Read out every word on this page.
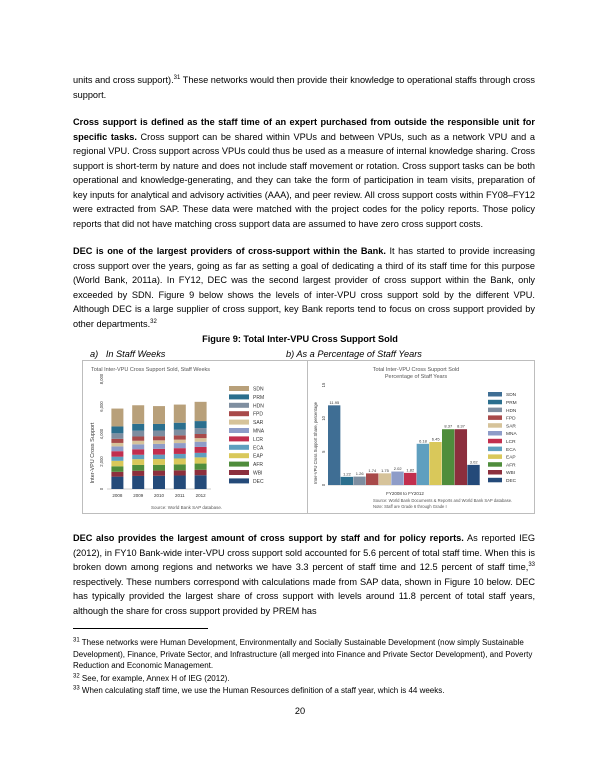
units and cross support).$^{31}$ These networks would then provide their knowledge to operational staffs through cross support.
Cross support is defined as the staff time of an expert purchased from outside the responsible unit for specific tasks. Cross support can be shared within VPUs and between VPUs, such as a network VPU and a regional VPU. Cross support across VPUs could thus be used as a measure of internal knowledge sharing. Cross support is short-term by nature and does not include staff movement or rotation. Cross support tasks can be both operational and knowledge-generating, and they can take the form of participation in team visits, preparation of key inputs for analytical and advisory activities (AAA), and peer review. All cross support costs within FY08–FY12 were extracted from SAP. These data were matched with the project codes for the policy reports. Those policy reports that did not have matching cross support data are assumed to have zero cross support costs.
DEC is one of the largest providers of cross-support within the Bank. It has started to provide increasing cross support over the years, going as far as setting a goal of dedicating a third of its staff time for this purpose (World Bank, 2011a). In FY12, DEC was the second largest provider of cross support within the Bank, only exceeded by SDN. Figure 9 below shows the levels of inter-VPU cross support sold by the different VPU. Although DEC is a large supplier of cross support, key Bank reports tend to focus on cross support provided by other departments.$^{32}$
Figure 9: Total Inter-VPU Cross Support Sold
a)   In Staff Weeks	b) As a Percentage of Staff Years
Total Inter-VPU Cross Support Sold, Staff Weeks
Inter-VPU Cross Support
Source: World Bank SAP database.
0
2,000
4,000
6,000
8,000
2008 2009 2010 2011 2012
SDN
PRM
HDN
FPD
SAR
MNA
LCR
ECA
EAP
AFR
WBI
DEC
Total Inter-VPU Cross Support Sold
Percentage of Staff Years
Inter-VPU Cross Support Share, percentage
FY2008 to FY2012
Source: World Bank Documents & Reports and World Bank SAP database.
Note: Staff are Grade 6 through Grade I
0
5
10
15
11.95
1.22 1.26
1.74 1.75 2.02 1.82
6.18 6.45
8.37 8.37
3.02
SDN
PRM
HDN
FPD
SAR
MNA
LCR
ECA
EAP
AFR
WBI
DEC
DEC also provides the largest amount of cross support by staff and for policy reports. As reported IEG (2012), in FY10 Bank-wide inter-VPU cross support sold accounted for 5.6 percent of total staff time. When this is broken down among regions and networks we have 3.3 percent of staff time and 12.5 percent of staff time,$^{33}$ respectively. These numbers correspond with calculations made from SAP data, shown in Figure 10 below. DEC has typically provided the largest share of cross support with levels around 11.8 percent of total staff years, although the share for cross support provided by PREM has
$^{31}$ These networks were Human Development, Environmentally and Socially Sustainable Development (now simply Sustainable Development), Finance, Private Sector, and Infrastructure (all merged into Finance and Private Sector Development), and Poverty Reduction and Economic Management.
$^{32}$ See, for example, Annex H of IEG (2012).
$^{33}$ When calculating staff time, we use the Human Resources definition of a staff year, which is 44 weeks.
20
